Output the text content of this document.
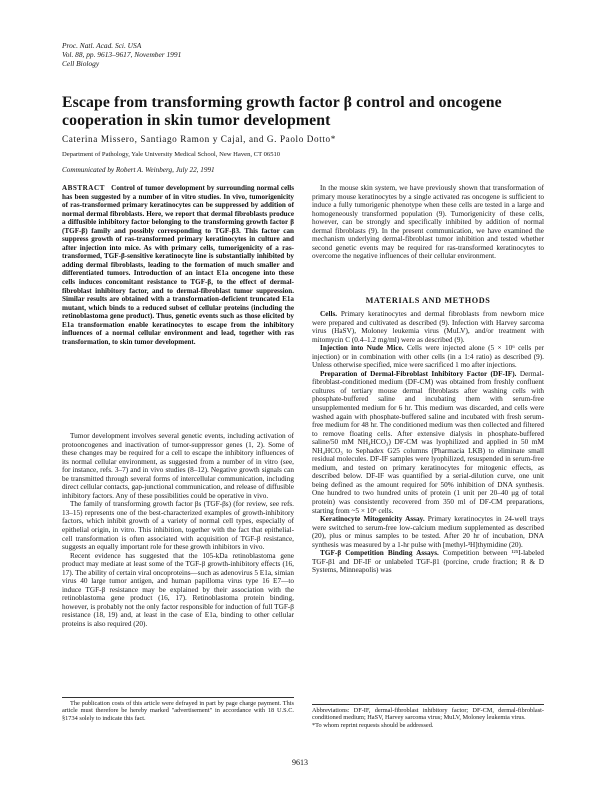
Proc. Natl. Acad. Sci. USA
Vol. 88, pp. 9613–9617, November 1991
Cell Biology
Escape from transforming growth factor β control and oncogene cooperation in skin tumor development
Caterina Missero, Santiago Ramon y Cajal, and G. Paolo Dotto*
Department of Pathology, Yale University Medical School, New Haven, CT 06510
Communicated by Robert A. Weinberg, July 22, 1991

ABSTRACT Control of tumor development by surrounding normal cells has been suggested by a number of in vitro studies. In vivo, tumorigenicity of ras-transformed primary keratinocytes can be suppressed by addition of normal dermal fibroblasts. Here, we report that dermal fibroblasts produce a diffusible inhibitory factor belonging to the transforming growth factor β (TGF-β) family and possibly corresponding to TGF-β3. This factor can suppress growth of ras-transformed primary keratinocytes in culture and after injection into mice. As with primary cells, tumorigenicity of a ras-transformed, TGF-β-sensitive keratinocyte line is substantially inhibited by adding dermal fibroblasts, leading to the formation of much smaller and differentiated tumors. Introduction of an intact E1a oncogene into these cells induces concomitant resistance to TGF-β, to the effect of dermal-fibroblast inhibitory factor, and to dermal-fibroblast tumor suppression. Similar results are obtained with a transformation-deficient truncated E1a mutant, which binds to a reduced subset of cellular proteins (including the retinoblastoma gene product). Thus, genetic events such as those elicited by E1a transformation enable keratinocytes to escape from the inhibitory influences of a normal cellular environment and lead, together with ras transformation, to skin tumor development.

Tumor development involves several genetic events, including activation of protooncogenes and inactivation of tumor-suppressor genes (1, 2). Some of these changes may be required for a cell to escape the inhibitory influences of its normal cellular environment, as suggested from a number of in vitro (see, for instance, refs. 3–7) and in vivo studies (8–12). Negative growth signals can be transmitted through several forms of intercellular communication, including direct cellular contacts, gap-junctional communication, and release of diffusible inhibitory factors. Any of these possibilities could be operative in vivo.

The family of transforming growth factor βs (TGF-βs) (for review, see refs. 13–15) represents one of the best-characterized examples of growth-inhibitory factors, which inhibit growth of a variety of normal cell types, especially of epithelial origin, in vitro. This inhibition, together with the fact that epithelial-cell transformation is often associated with acquisition of TGF-β resistance, suggests an equally important role for these growth inhibitors in vivo.

Recent evidence has suggested that the 105-kDa retinoblastoma gene product may mediate at least some of the TGF-β growth-inhibitory effects (16, 17). The ability of certain viral oncoproteins—such as adenovirus 5 E1a, simian virus 40 large tumor antigen, and human papilloma virus type 16 E7—to induce TGF-β resistance may be explained by their association with the retinoblastoma gene product (16, 17). Retinoblastoma protein binding, however, is probably not the only factor responsible for induction of full TGF-β resistance (18, 19) and, at least in the case of E1a, binding to other cellular proteins is also required (20).

In the mouse skin system, we have previously shown that transformation of primary mouse keratinocytes by a single activated ras oncogene is sufficient to induce a fully tumorigenic phenotype when these cells are tested in a large and homogeneously transformed population (9). Tumorigenicity of these cells, however, can be strongly and specifically inhibited by addition of normal dermal fibroblasts (9). In the present communication, we have examined the mechanism underlying dermal-fibroblast tumor inhibition and tested whether second genetic events may be required for ras-transformed keratinocytes to overcome the negative influences of their cellular environment.

MATERIALS AND METHODS

Cells. Primary keratinocytes and dermal fibroblasts from newborn mice were prepared and cultivated as described (9). Infection with Harvey sarcoma virus (HaSV), Moloney leukemia virus (MuLV), and/or treatment with mitomycin C (0.4–1.2 mg/ml) were as described (9).

Injection into Nude Mice. Cells were injected alone (5 × 10⁶ cells per injection) or in combination with other cells (in a 1:4 ratio) as described (9). Unless otherwise specified, mice were sacrificed 1 mo after injections.

Preparation of Dermal-Fibroblast Inhibitory Factor (DF-IF). Dermal-fibroblast-conditioned medium (DF-CM) was obtained from freshly confluent cultures of tertiary mouse dermal fibroblasts after washing cells with phosphate-buffered saline and incubating them with serum-free unsupplemented medium for 6 hr. This medium was discarded, and cells were washed again with phosphate-buffered saline and incubated with fresh serum-free medium for 48 hr. The conditioned medium was then collected and filtered to remove floating cells. After extensive dialysis in phosphate-buffered saline/50 mM NH₄HCO₃) DF-CM was lyophilized and applied in 50 mM NH₄HCO₃ to Sephadex G25 columns (Pharmacia LKB) to eliminate small residual molecules. DF-IF samples were lyophilized, resuspended in serum-free medium, and tested on primary keratinocytes for mitogenic effects, as described below. DF-IF was quantified by a serial-dilution curve, one unit being defined as the amount required for 50% inhibition of DNA synthesis. One hundred to two hundred units of protein (1 unit per 20–40 μg of total protein) was consistently recovered from 350 ml of DF-CM preparations, starting from ~5 × 10⁶ cells.

Keratinocyte Mitogenicity Assay. Primary keratinocytes in 24-well trays were switched to serum-free low-calcium medium supplemented as described (20), plus or minus samples to be tested. After 20 hr of incubation, DNA synthesis was measured by a 1-hr pulse with [methyl-³H]thymidine (20).

TGF-β Competition Binding Assays. Competition between ¹²⁵I-labeled TGF-β1 and DF-IF or unlabeled TGF-β1 (porcine, crude fraction; R & D Systems, Minneapolis) was

The publication costs of this article were defrayed in part by page charge payment. This article must therefore be hereby marked "advertisement" in accordance with 18 U.S.C. §1734 solely to indicate this fact.

Abbreviations: DF-IF, dermal-fibroblast inhibitory factor; DF-CM, dermal-fibroblast-conditioned medium; HaSV, Harvey sarcoma virus; MuLV, Moloney leukemia virus.

*To whom reprint requests should be addressed.

9613
